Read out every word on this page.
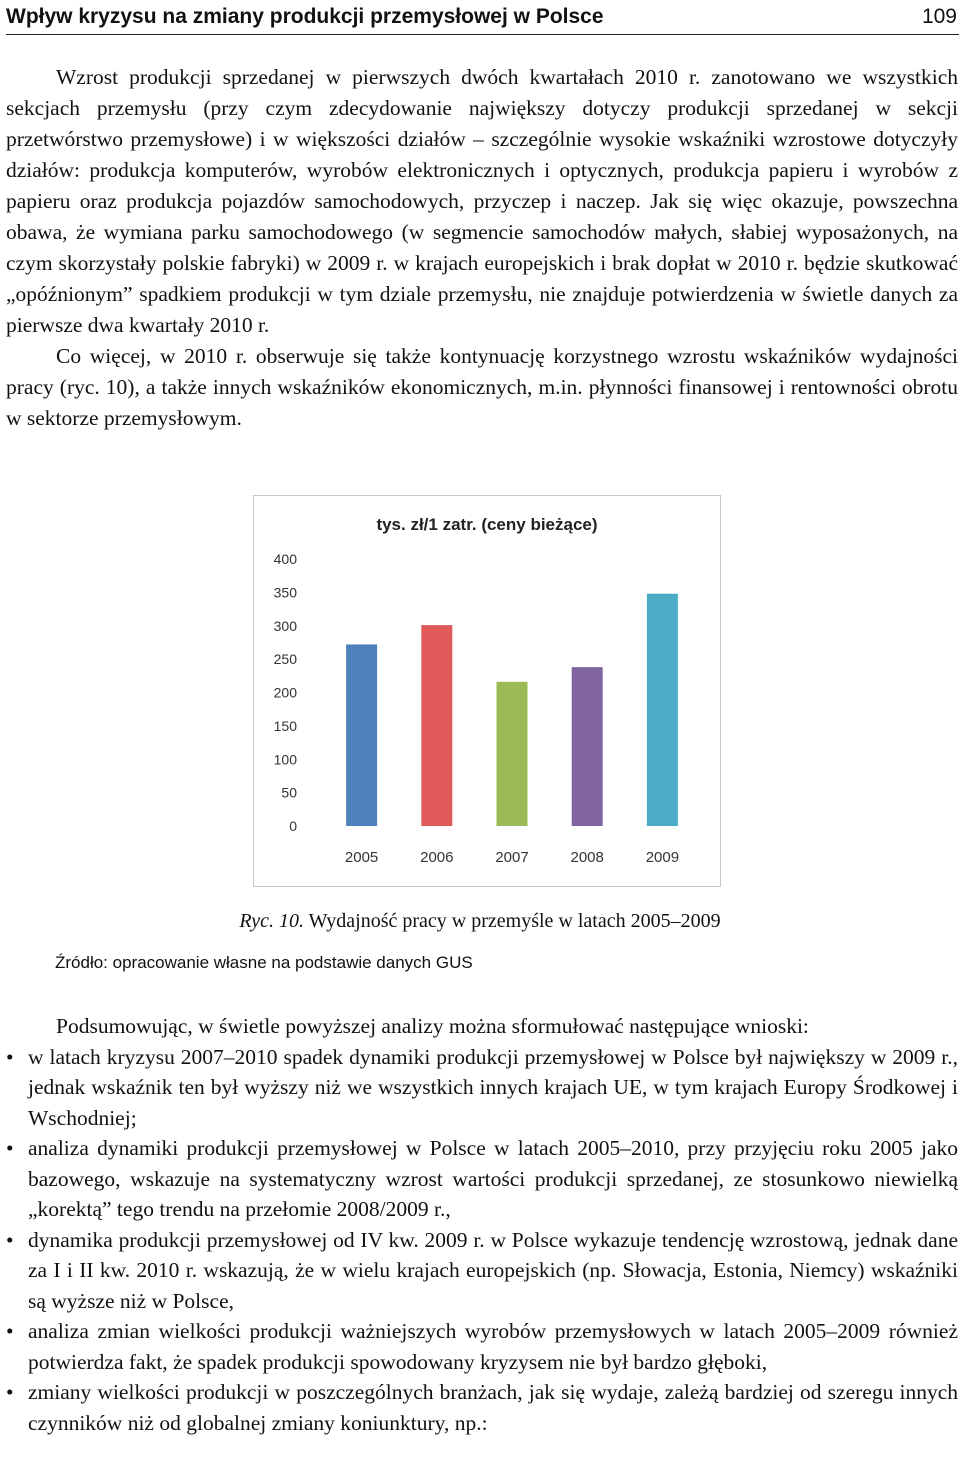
Wpływ kryzysu na zmiany produkcji przemysłowej w Polsce	109

Wzrost produkcji sprzedanej w pierwszych dwóch kwartałach 2010 r. zanotowano we wszystkich sekcjach przemysłu (przy czym zdecydowanie największy dotyczy produkcji sprzedanej w sekcji przetwórstwo przemysłowe) i w większości działów – szczególnie wysokie wskaźniki wzrostowe dotyczyły działów: produkcja komputerów, wyrobów elektronicznych i optycznych, produkcja papieru i wyrobów z papieru oraz produkcja pojazdów samochodowych, przyczep i naczep. Jak się więc okazuje, powszechna obawa, że wymiana parku samochodowego (w segmencie samochodów małych, słabiej wyposażonych, na czym skorzystały polskie fabryki) w 2009 r. w krajach europejskich i brak dopłat w 2010 r. będzie skutkować „opóźnionym” spadkiem produkcji w tym dziale przemysłu, nie znajduje potwierdzenia w świetle danych za pierwsze dwa kwartały 2010 r.

Co więcej, w 2010 r. obserwuje się także kontynuację korzystnego wzrostu wskaźników wydajności pracy (ryc. 10), a także innych wskaźników ekonomicznych, m.in. płynności finansowej i rentowności obrotu w sektorze przemysłowym.

tys. zł/1 zatr. (ceny bieżące)
0
50
100
150
200
250
300
350
400
2005	2006	2007	2008	2009

Ryc. 10. Wydajność pracy w przemyśle w latach 2005–2009

Źródło: opracowanie własne na podstawie danych GUS

Podsumowując, w świetle powyższej analizy można sformułować następujące wnioski:

• w latach kryzysu 2007–2010 spadek dynamiki produkcji przemysłowej w Polsce był największy w 2009 r., jednak wskaźnik ten był wyższy niż we wszystkich innych krajach UE, w tym krajach Europy Środkowej i Wschodniej;
• analiza dynamiki produkcji przemysłowej w Polsce w latach 2005–2010, przy przyjęciu roku 2005 jako bazowego, wskazuje na systematyczny wzrost wartości produkcji sprzedanej, ze stosunkowo niewielką „korektą” tego trendu na przełomie 2008/2009 r.,
• dynamika produkcji przemysłowej od IV kw. 2009 r. w Polsce wykazuje tendencję wzrostową, jednak dane za I i II kw. 2010 r. wskazują, że w wielu krajach europejskich (np. Słowacja, Estonia, Niemcy) wskaźniki są wyższe niż w Polsce,
• analiza zmian wielkości produkcji ważniejszych wyrobów przemysłowych w latach 2005–2009 również potwierdza fakt, że spadek produkcji spowodowany kryzysem nie był bardzo głęboki,
• zmiany wielkości produkcji w poszczególnych branżach, jak się wydaje, zależą bardziej od szeregu innych czynników niż od globalnej zmiany koniunktury, np.:
